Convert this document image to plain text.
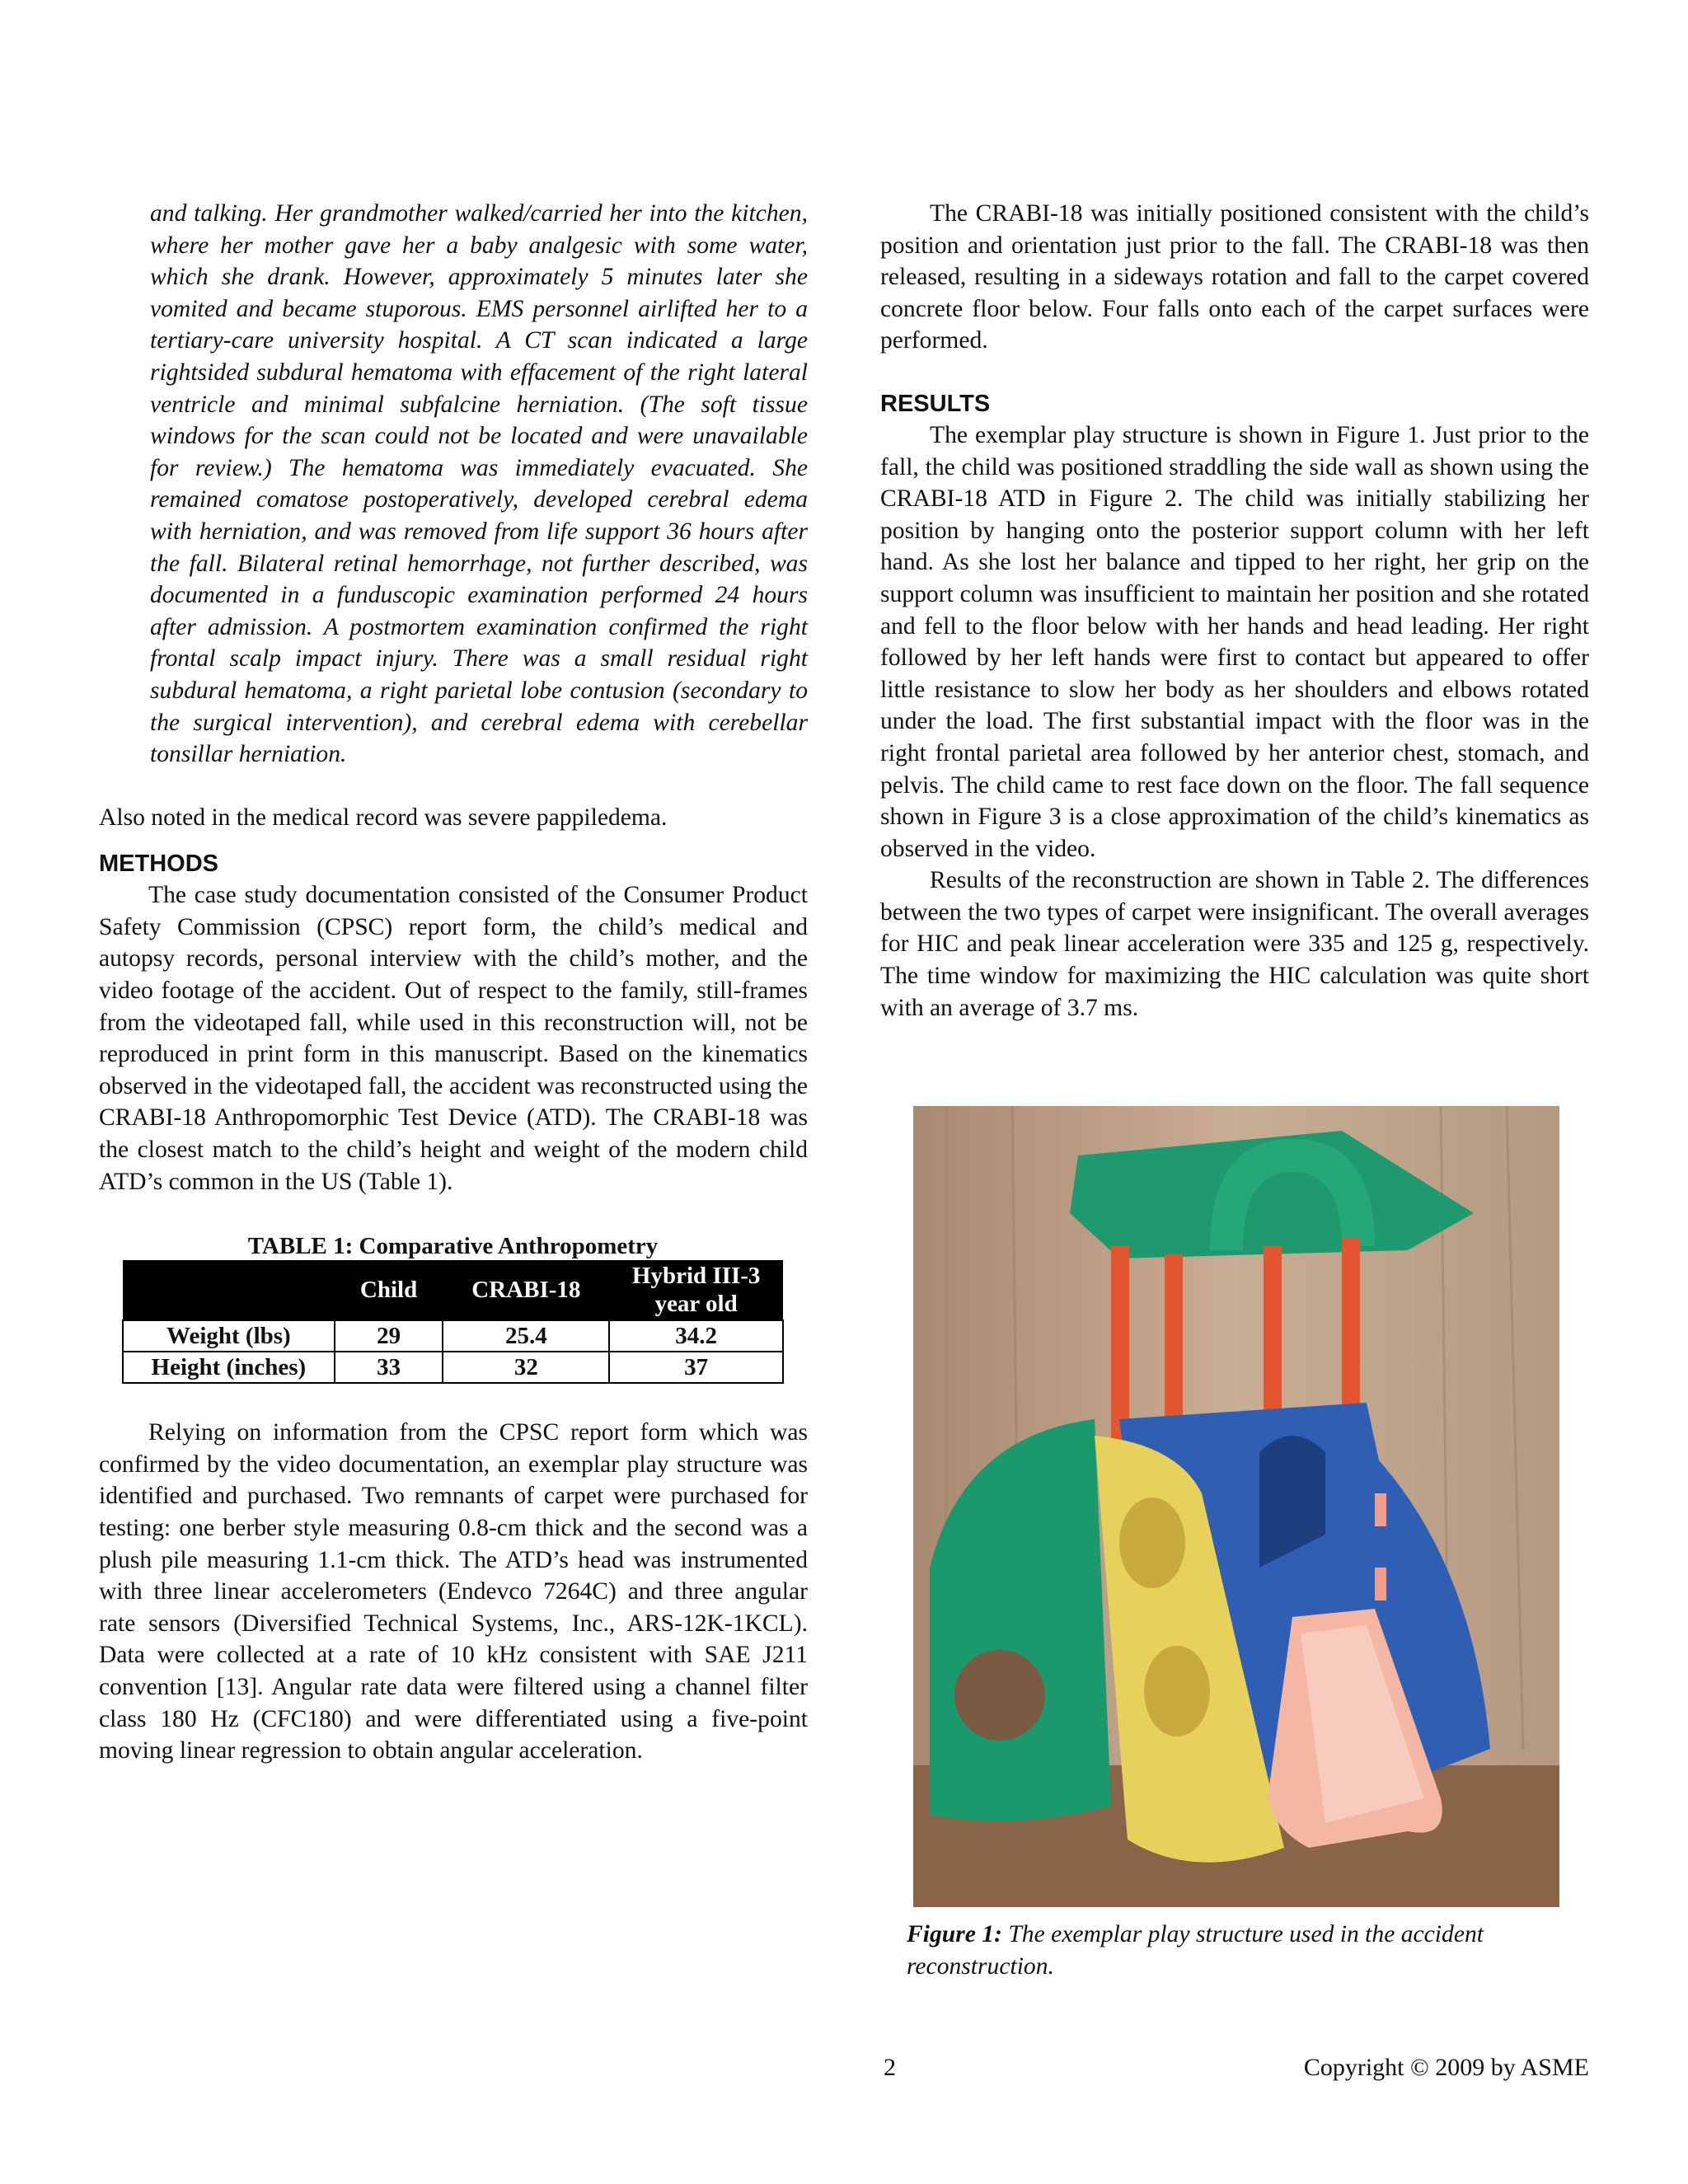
and talking. Her grandmother walked/carried her into the kitchen, where her mother gave her a baby analgesic with some water, which she drank. However, approximately 5 minutes later she vomited and became stuporous. EMS personnel airlifted her to a tertiary-care university hospital. A CT scan indicated a large rightsided subdural hematoma with effacement of the right lateral ventricle and minimal subfalcine herniation. (The soft tissue windows for the scan could not be located and were unavailable for review.) The hematoma was immediately evacuated. She remained comatose postoperatively, developed cerebral edema with herniation, and was removed from life support 36 hours after the fall. Bilateral retinal hemorrhage, not further described, was documented in a funduscopic examination performed 24 hours after admission. A postmortem examination confirmed the right frontal scalp impact injury. There was a small residual right subdural hematoma, a right parietal lobe contusion (secondary to the surgical intervention), and cerebral edema with cerebellar tonsillar herniation.

Also noted in the medical record was severe pappiledema.

METHODS

The case study documentation consisted of the Consumer Product Safety Commission (CPSC) report form, the child’s medical and autopsy records, personal interview with the child’s mother, and the video footage of the accident. Out of respect to the family, still-frames from the videotaped fall, while used in this reconstruction will, not be reproduced in print form in this manuscript. Based on the kinematics observed in the videotaped fall, the accident was reconstructed using the CRABI-18 Anthropomorphic Test Device (ATD). The CRABI-18 was the closest match to the child’s height and weight of the modern child ATD’s common in the US (Table 1).

TABLE 1: Comparative Anthropometry
	Child	CRABI-18	Hybrid III-3 year old
Weight (lbs)	29	25.4	34.2
Height (inches)	33	32	37

Relying on information from the CPSC report form which was confirmed by the video documentation, an exemplar play structure was identified and purchased. Two remnants of carpet were purchased for testing: one berber style measuring 0.8-cm thick and the second was a plush pile measuring 1.1-cm thick. The ATD’s head was instrumented with three linear accelerometers (Endevco 7264C) and three angular rate sensors (Diversified Technical Systems, Inc., ARS-12K-1KCL). Data were collected at a rate of 10 kHz consistent with SAE J211 convention [13]. Angular rate data were filtered using a channel filter class 180 Hz (CFC180) and were differentiated using a five-point moving linear regression to obtain angular acceleration.

The CRABI-18 was initially positioned consistent with the child’s position and orientation just prior to the fall. The CRABI-18 was then released, resulting in a sideways rotation and fall to the carpet covered concrete floor below. Four falls onto each of the carpet surfaces were performed.

RESULTS

The exemplar play structure is shown in Figure 1. Just prior to the fall, the child was positioned straddling the side wall as shown using the CRABI-18 ATD in Figure 2. The child was initially stabilizing her position by hanging onto the posterior support column with her left hand. As she lost her balance and tipped to her right, her grip on the support column was insufficient to maintain her position and she rotated and fell to the floor below with her hands and head leading. Her right followed by her left hands were first to contact but appeared to offer little resistance to slow her body as her shoulders and elbows rotated under the load. The first substantial impact with the floor was in the right frontal parietal area followed by her anterior chest, stomach, and pelvis. The child came to rest face down on the floor. The fall sequence shown in Figure 3 is a close approximation of the child’s kinematics as observed in the video.

Results of the reconstruction are shown in Table 2. The differences between the two types of carpet were insignificant. The overall averages for HIC and peak linear acceleration were 335 and 125 g, respectively. The time window for maximizing the HIC calculation was quite short with an average of 3.7 ms.

Figure 1: The exemplar play structure used in the accident reconstruction.
2	Copyright © 2009 by ASME
